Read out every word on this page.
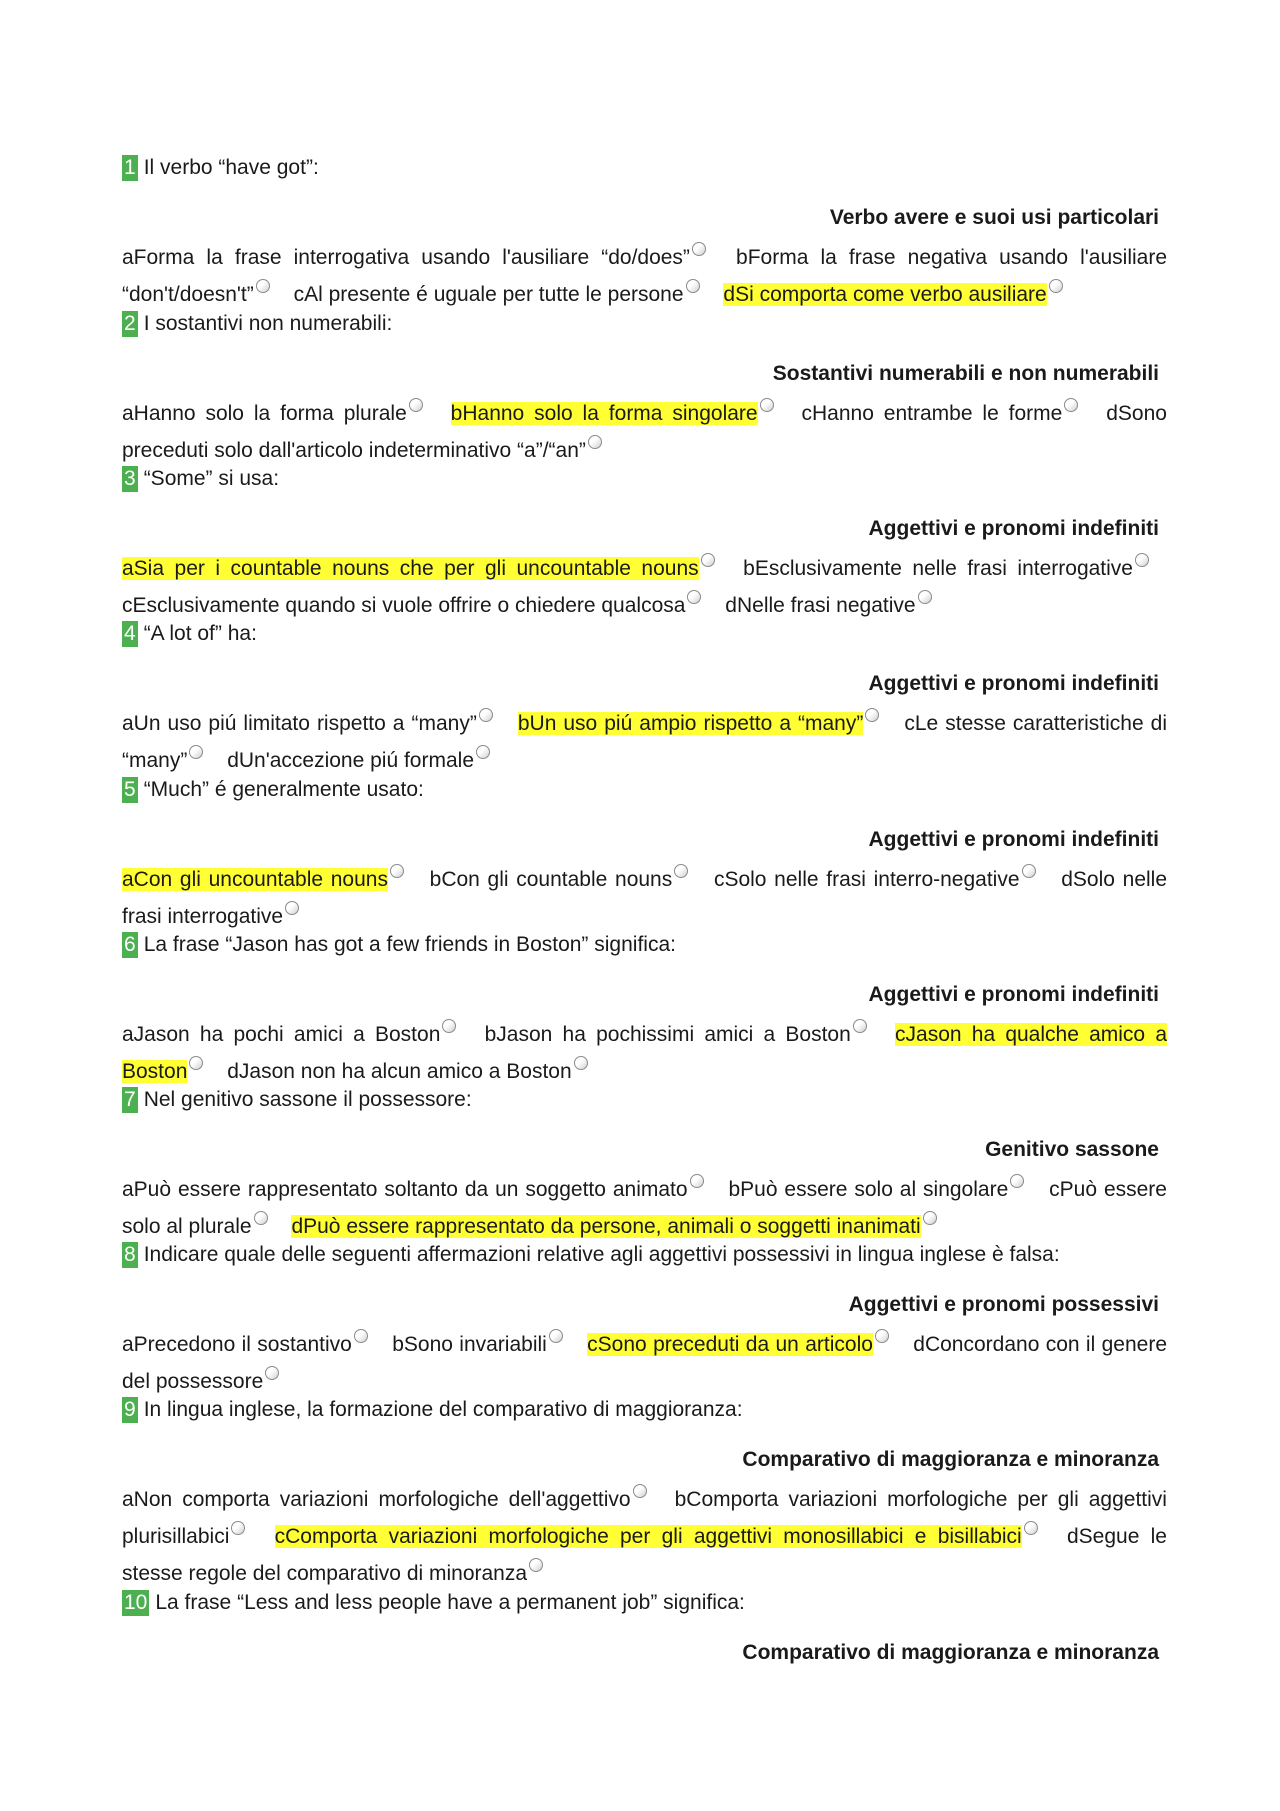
1 Il verbo “have got”:
Verbo avere e suoi usi particolari
aForma la frase interrogativa usando l'ausiliare “do/does” bForma la frase negativa usando l'ausiliare “don't/doesn't” cAl presente é uguale per tutte le persone dSi comporta come verbo ausiliare
2 I sostantivi non numerabili:
Sostantivi numerabili e non numerabili
aHanno solo la forma plurale bHanno solo la forma singolare cHanno entrambe le forme dSono preceduti solo dall'articolo indeterminativo “a”/“an”
3 “Some” si usa:
Aggettivi e pronomi indefiniti
aSia per i countable nouns che per gli uncountable nouns bEsclusivamente nelle frasi interrogative cEsclusivamente quando si vuole offrire o chiedere qualcosa dNelle frasi negative
4 “A lot of” ha:
Aggettivi e pronomi indefiniti
aUn uso piú limitato rispetto a “many” bUn uso piú ampio rispetto a “many” cLe stesse caratteristiche di “many” dUn'accezione piú formale
5 “Much” é generalmente usato:
Aggettivi e pronomi indefiniti
aCon gli uncountable nouns bCon gli countable nouns cSolo nelle frasi interro-negative dSolo nelle frasi interrogative
6 La frase “Jason has got a few friends in Boston” significa:
Aggettivi e pronomi indefiniti
aJason ha pochi amici a Boston bJason ha pochissimi amici a Boston cJason ha qualche amico a Boston dJason non ha alcun amico a Boston
7 Nel genitivo sassone il possessore:
Genitivo sassone
aPuò essere rappresentato soltanto da un soggetto animato bPuò essere solo al singolare cPuò essere solo al plurale dPuò essere rappresentato da persone, animali o soggetti inanimati
8 Indicare quale delle seguenti affermazioni relative agli aggettivi possessivi in lingua inglese è falsa:
Aggettivi e pronomi possessivi
aPrecedono il sostantivo bSono invariabili cSono preceduti da un articolo dConcordano con il genere del possessore
9 In lingua inglese, la formazione del comparativo di maggioranza:
Comparativo di maggioranza e minoranza
aNon comporta variazioni morfologiche dell'aggettivo bComporta variazioni morfologiche per gli aggettivi plurisillabici cComporta variazioni morfologiche per gli aggettivi monosillabici e bisillabici dSegue le stesse regole del comparativo di minoranza
10 La frase “Less and less people have a permanent job” significa:
Comparativo di maggioranza e minoranza
